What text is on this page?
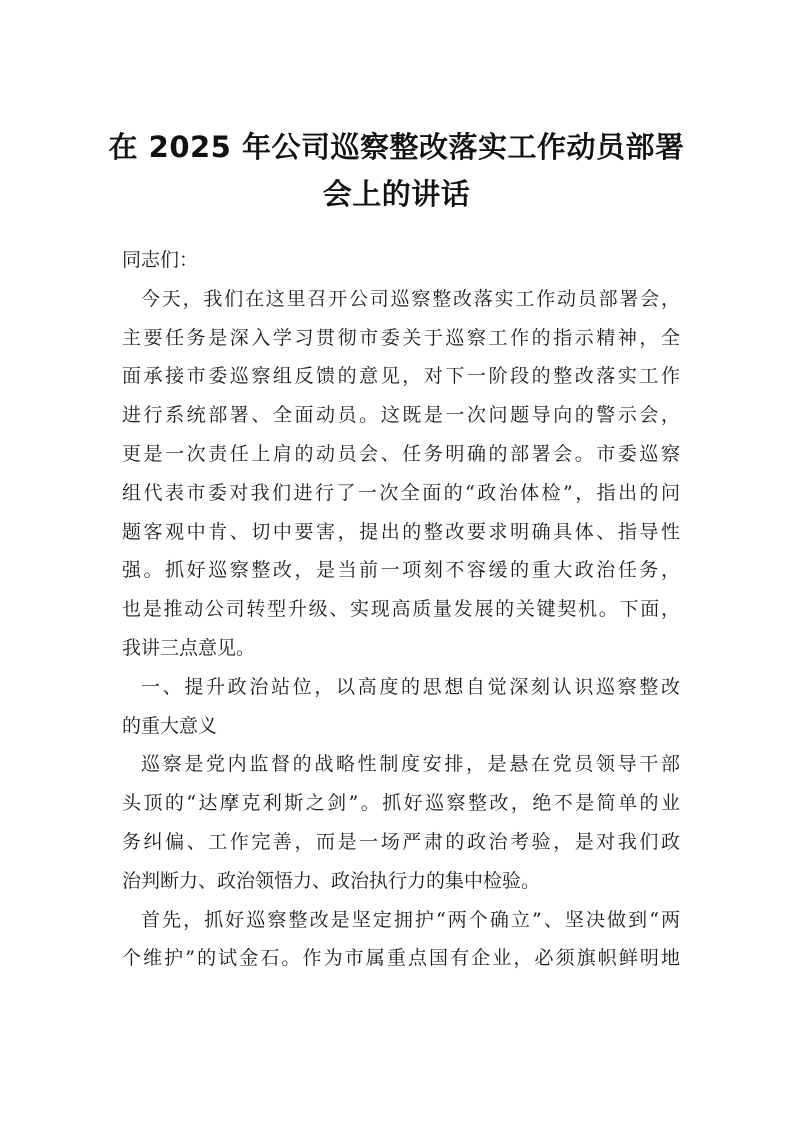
在 2025 年公司巡察整改落实工作动员部署
会上的讲话
同志们：
今天，我们在这里召开公司巡察整改落实工作动员部署会，
主要任务是深入学习贯彻市委关于巡察工作的指示精神，全
面承接市委巡察组反馈的意见，对下一阶段的整改落实工作
进行系统部署、全面动员。这既是一次问题导向的警示会，
更是一次责任上肩的动员会、任务明确的部署会。市委巡察
组代表市委对我们进行了一次全面的“政治体检”，指出的问
题客观中肯、切中要害，提出的整改要求明确具体、指导性
强。抓好巡察整改，是当前一项刻不容缓的重大政治任务，
也是推动公司转型升级、实现高质量发展的关键契机。下面，
我讲三点意见。
一、提升政治站位，以高度的思想自觉深刻认识巡察整改
的重大意义
巡察是党内监督的战略性制度安排，是悬在党员领导干部
头顶的“达摩克利斯之剑”。抓好巡察整改，绝不是简单的业
务纠偏、工作完善，而是一场严肃的政治考验，是对我们政
治判断力、政治领悟力、政治执行力的集中检验。
首先，抓好巡察整改是坚定拥护“两个确立”、坚决做到“两
个维护”的试金石。作为市属重点国有企业，必须旗帜鲜明地
